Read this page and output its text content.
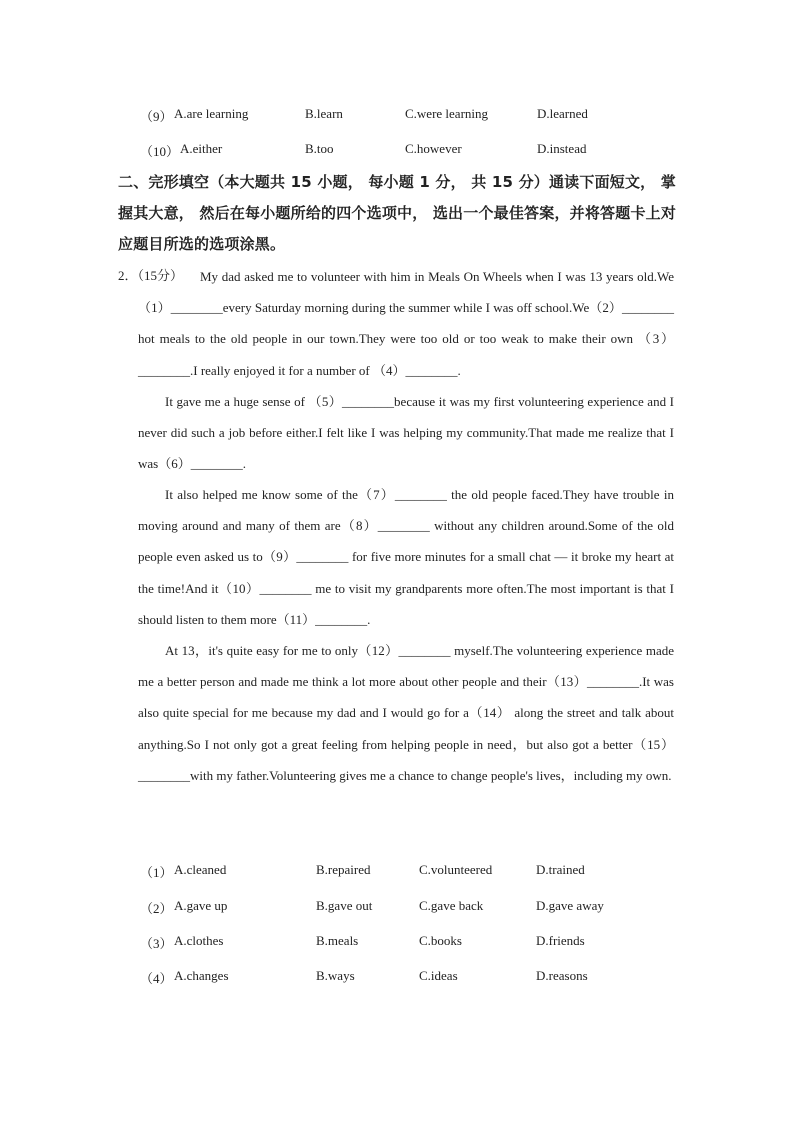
（9） A.are learning	B.learn	C.were learning	D.learned
（10） A.either	B.too	C.however	D.instead
二、完形填空（本大题共 15 小题， 每小题 1 分， 共 15 分）通读下面短文， 掌握其大意， 然后在每小题所给的四个选项中， 选出一个最佳答案，并将答题卡上对应题目所选的选项涂黑。
2．（15分）	My dad asked me to volunteer with him in Meals On Wheels when I was 13 years old.We（1）________every Saturday morning during the summer while I was off school.We（2）________ hot meals to the old people in our town.They were too old or too weak to make their own （3）________.I really enjoyed it for a number of （4）________.
It gave me a huge sense of （5）________because it was my first volunteering experience and I never did such a job before either.I felt like I was helping my community.That made me realize that I was（6）________.
It also helped me know some of the（7）________ the old people faced.They have trouble in moving around and many of them are（8）________ without any children around.Some of the old people even asked us to（9）________ for five more minutes for a small chat — it broke my heart at the time!And it（10）________ me to visit my grandparents more often.The most important is that I should listen to them more（11）________.
At 13，it's quite easy for me to only（12）________ myself.The volunteering experience made me a better person and made me think a lot more about other people and their（13）________.It was also quite special for me because my dad and I would go for a（14） along the street and talk about anything.So I not only got a great feeling from helping people in need，but also got a better（15）________with my father.Volunteering gives me a chance to change people's lives，including my own.
（1） A.cleaned	B.repaired	C.volunteered	D.trained
（2） A.gave up	B.gave out	C.gave back	D.gave away
（3） A.clothes	B.meals	C.books	D.friends
（4） A.changes	B.ways	C.ideas	D.reasons
